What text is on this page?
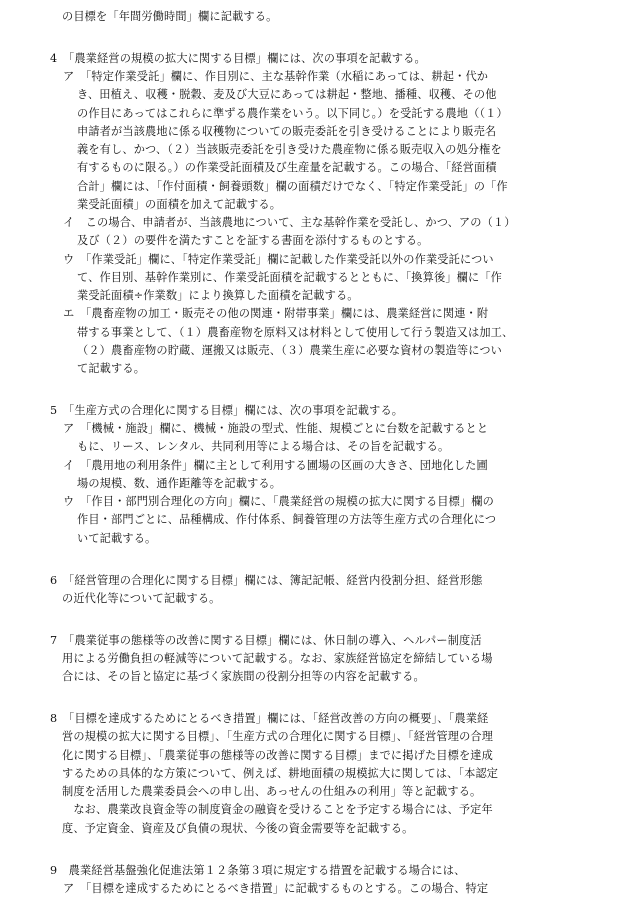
の目標を「年間労働時間」欄に記載する。
4　「農業経営の規模の拡大に関する目標」欄には、次の事項を記載する。
ア　「特定作業受託」欄に、作目別に、主な基幹作業（水稲にあっては、耕起・代か
き、田植え、収穫・脱穀、麦及び大豆にあっては耕起・整地、播種、収穫、その他
の作目にあってはこれらに準ずる農作業をいう。以下同じ。）を受託する農地（（１）
申請者が当該農地に係る収穫物についての販売委託を引き受けることにより販売名
義を有し、かつ、（２）当該販売委託を引き受けた農産物に係る販売収入の処分権を
有するものに限る。）の作業受託面積及び生産量を記載する。この場合、「経営面積
合計」欄には、「作付面積・飼養頭数」欄の面積だけでなく、「特定作業受託」の「作
業受託面積」の面積を加えて記載する。
イ　この場合、申請者が、当該農地について、主な基幹作業を受託し、かつ、アの（１）
及び（２）の要件を満たすことを証する書面を添付するものとする。
ウ　「作業受託」欄に、「特定作業受託」欄に記載した作業受託以外の作業受託につい
て、作目別、基幹作業別に、作業受託面積を記載するとともに、「換算後」欄に「作
業受託面積÷作業数」により換算した面積を記載する。
エ　「農畜産物の加工・販売その他の関連・附帯事業」欄には、農業経営に関連・附
帯する事業として、（１）農畜産物を原料又は材料として使用して行う製造又は加工、
（２）農畜産物の貯蔵、運搬又は販売、（３）農業生産に必要な資材の製造等につい
て記載する。
5　「生産方式の合理化に関する目標」欄には、次の事項を記載する。
ア　「機械・施設」欄に、機械・施設の型式、性能、規模ごとに台数を記載するとと
もに、リース、レンタル、共同利用等による場合は、その旨を記載する。
イ　「農用地の利用条件」欄に主として利用する圃場の区画の大きさ、団地化した圃
場の規模、数、通作距離等を記載する。
ウ　「作目・部門別合理化の方向」欄に、「農業経営の規模の拡大に関する目標」欄の
作目・部門ごとに、品種構成、作付体系、飼養管理の方法等生産方式の合理化につ
いて記載する。
6　「経営管理の合理化に関する目標」欄には、簿記記帳、経営内役割分担、経営形態
の近代化等について記載する。
7　「農業従事の態様等の改善に関する目標」欄には、休日制の導入、ヘルパー制度活
用による労働負担の軽減等について記載する。なお、家族経営協定を締結している場
合には、その旨と協定に基づく家族間の役割分担等の内容を記載する。
8　「目標を達成するためにとるべき措置」欄には、「経営改善の方向の概要」、「農業経
営の規模の拡大に関する目標」、「生産方式の合理化に関する目標」、「経営管理の合理
化に関する目標」、「農業従事の態様等の改善に関する目標」までに掲げた目標を達成
するための具体的な方策について、例えば、耕地面積の規模拡大に関しては、「本認定
制度を活用した農業委員会への申し出、あっせんの仕組みの利用」等と記載する。
　なお、農業改良資金等の制度資金の融資を受けることを予定する場合には、予定年
度、予定資金、資産及び負債の現状、今後の資金需要等を記載する。
9　農業経営基盤強化促進法第１２条第３項に規定する措置を記載する場合には、
ア　「目標を達成するためにとるべき措置」に記載するものとする。この場合、特定
